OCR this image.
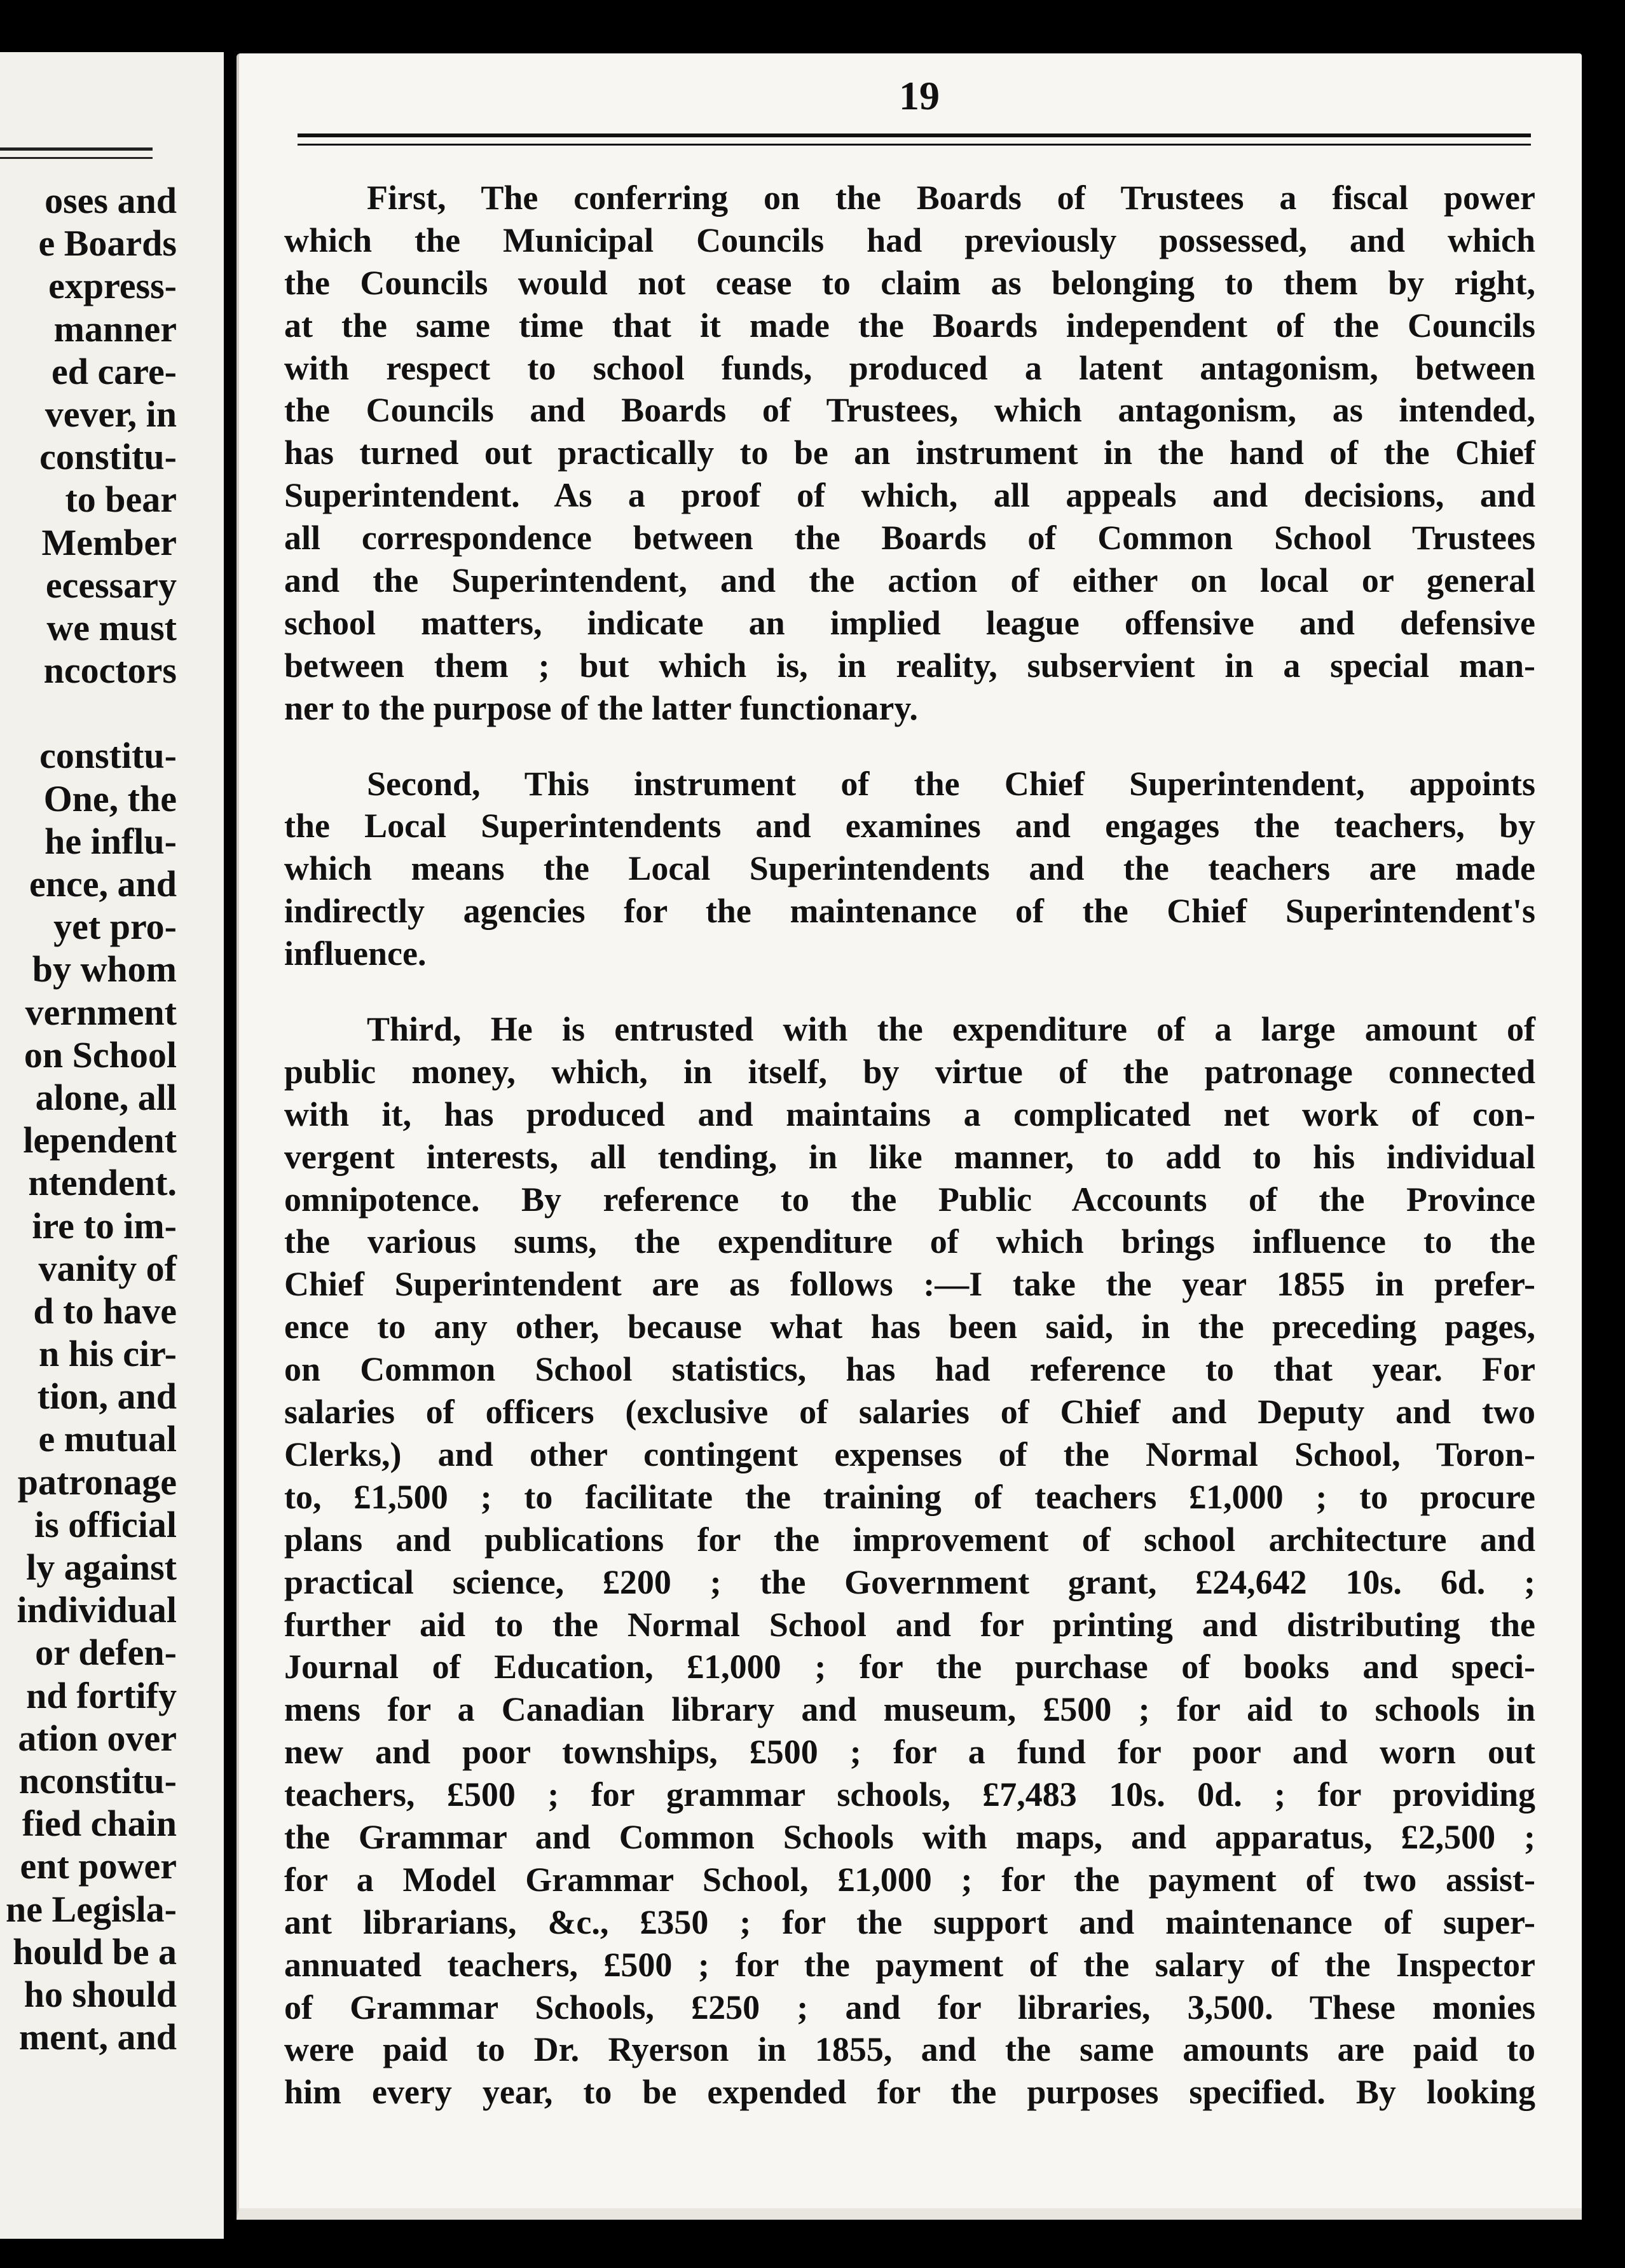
oses and
e Boards
express-
manner
ed care-
vever, in
constitu-
to bear
Member
ecessary
we must
ncoctors
constitu-
One, the
he influ-
ence, and
yet pro-
by whom
vernment
on School
alone, all
lependent
ntendent.
ire to im-
vanity of
d to have
n his cir-
tion, and
e mutual
patronage
is official
ly against
individual
or defen-
nd fortify
ation over
nconstitu-
fied chain
ent power
ne Legisla-
hould be a
ho should
ment, and
19
First, The conferring on the Boards of Trustees a fiscal power
which the Municipal Councils had previously possessed, and which
the Councils would not cease to claim as belonging to them by right,
at the same time that it made the Boards independent of the Councils
with respect to school funds, produced a latent antagonism, between
the Councils and Boards of Trustees, which antagonism, as intended,
has turned out practically to be an instrument in the hand of the Chief
Superintendent. As a proof of which, all appeals and decisions, and
all correspondence between the Boards of Common School Trustees
and the Superintendent, and the action of either on local or general
school matters, indicate an implied league offensive and defensive
between them ; but which is, in reality, subservient in a special man-
ner to the purpose of the latter functionary.
Second, This instrument of the Chief Superintendent, appoints
the Local Superintendents and examines and engages the teachers, by
which means the Local Superintendents and the teachers are made
indirectly agencies for the maintenance of the Chief Superintendent's
influence.
Third, He is entrusted with the expenditure of a large amount of
public money, which, in itself, by virtue of the patronage connected
with it, has produced and maintains a complicated net work of con-
vergent interests, all tending, in like manner, to add to his individual
omnipotence. By reference to the Public Accounts of the Province
the various sums, the expenditure of which brings influence to the
Chief Superintendent are as follows :—I take the year 1855 in prefer-
ence to any other, because what has been said, in the preceding pages,
on Common School statistics, has had reference to that year. For
salaries of officers (exclusive of salaries of Chief and Deputy and two
Clerks,) and other contingent expenses of the Normal School, Toron-
to, £1,500 ; to facilitate the training of teachers £1,000 ; to procure
plans and publications for the improvement of school architecture and
practical science, £200 ; the Government grant, £24,642 10s. 6d. ;
further aid to the Normal School and for printing and distributing the
Journal of Education, £1,000 ; for the purchase of books and speci-
mens for a Canadian library and museum, £500 ; for aid to schools in
new and poor townships, £500 ; for a fund for poor and worn out
teachers, £500 ; for grammar schools, £7,483 10s. 0d. ; for providing
the Grammar and Common Schools with maps, and apparatus, £2,500 ;
for a Model Grammar School, £1,000 ; for the payment of two assist-
ant librarians, &c., £350 ; for the support and maintenance of super-
annuated teachers, £500 ; for the payment of the salary of the Inspector
of Grammar Schools, £250 ; and for libraries, 3,500. These monies
were paid to Dr. Ryerson in 1855, and the same amounts are paid to
him every year, to be expended for the purposes specified. By looking
